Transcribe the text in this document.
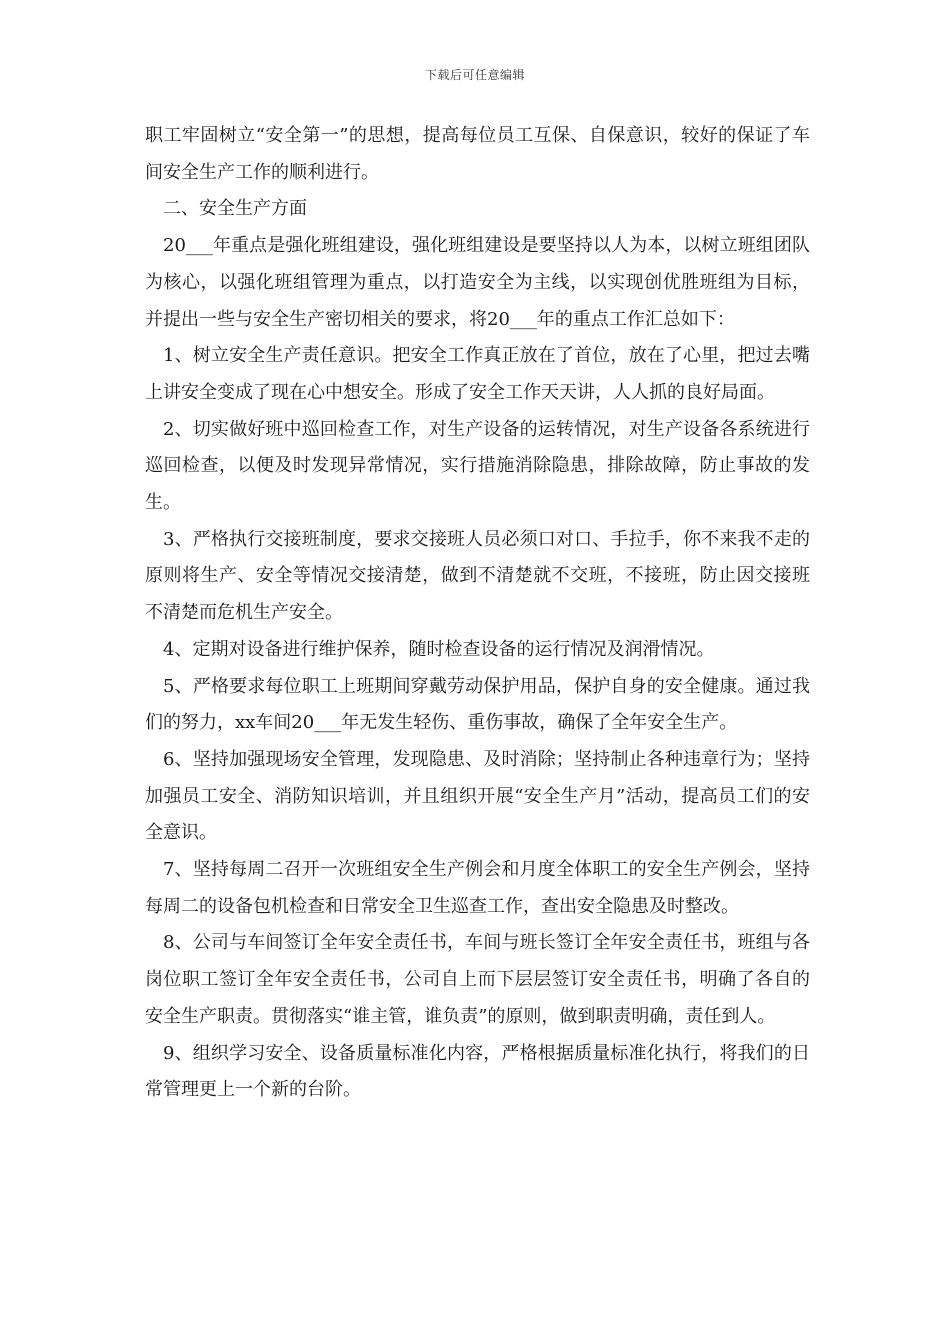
下载后可任意编辑

职工牢固树立“安全第一”的思想，提高每位员工互保、自保意识，较好的保证了车间安全生产工作的顺利进行。

二、安全生产方面

20___年重点是强化班组建设，强化班组建设是要坚持以人为本，以树立班组团队为核心，以强化班组管理为重点，以打造安全为主线，以实现创优胜班组为目标，并提出一些与安全生产密切相关的要求，将20___年的重点工作汇总如下：

1、树立安全生产责任意识。把安全工作真正放在了首位，放在了心里，把过去嘴上讲安全变成了现在心中想安全。形成了安全工作天天讲，人人抓的良好局面。

2、切实做好班中巡回检查工作，对生产设备的运转情况，对生产设备各系统进行巡回检查，以便及时发现异常情况，实行措施消除隐患，排除故障，防止事故的发生。

3、严格执行交接班制度，要求交接班人员必须口对口、手拉手，你不来我不走的原则将生产、安全等情况交接清楚，做到不清楚就不交班，不接班，防止因交接班不清楚而危机生产安全。

4、定期对设备进行维护保养，随时检查设备的运行情况及润滑情况。

5、严格要求每位职工上班期间穿戴劳动保护用品，保护自身的安全健康。通过我们的努力，xx车间20___年无发生轻伤、重伤事故，确保了全年安全生产。

6、坚持加强现场安全管理，发现隐患、及时消除；坚持制止各种违章行为；坚持加强员工安全、消防知识培训，并且组织开展“安全生产月”活动，提高员工们的安全意识。

7、坚持每周二召开一次班组安全生产例会和月度全体职工的安全生产例会，坚持每周二的设备包机检查和日常安全卫生巡查工作，查出安全隐患及时整改。

8、公司与车间签订全年安全责任书，车间与班长签订全年安全责任书，班组与各岗位职工签订全年安全责任书，公司自上而下层层签订安全责任书，明确了各自的安全生产职责。贯彻落实“谁主管，谁负责”的原则，做到职责明确，责任到人。

9、组织学习安全、设备质量标准化内容，严格根据质量标准化执行，将我们的日常管理更上一个新的台阶。
